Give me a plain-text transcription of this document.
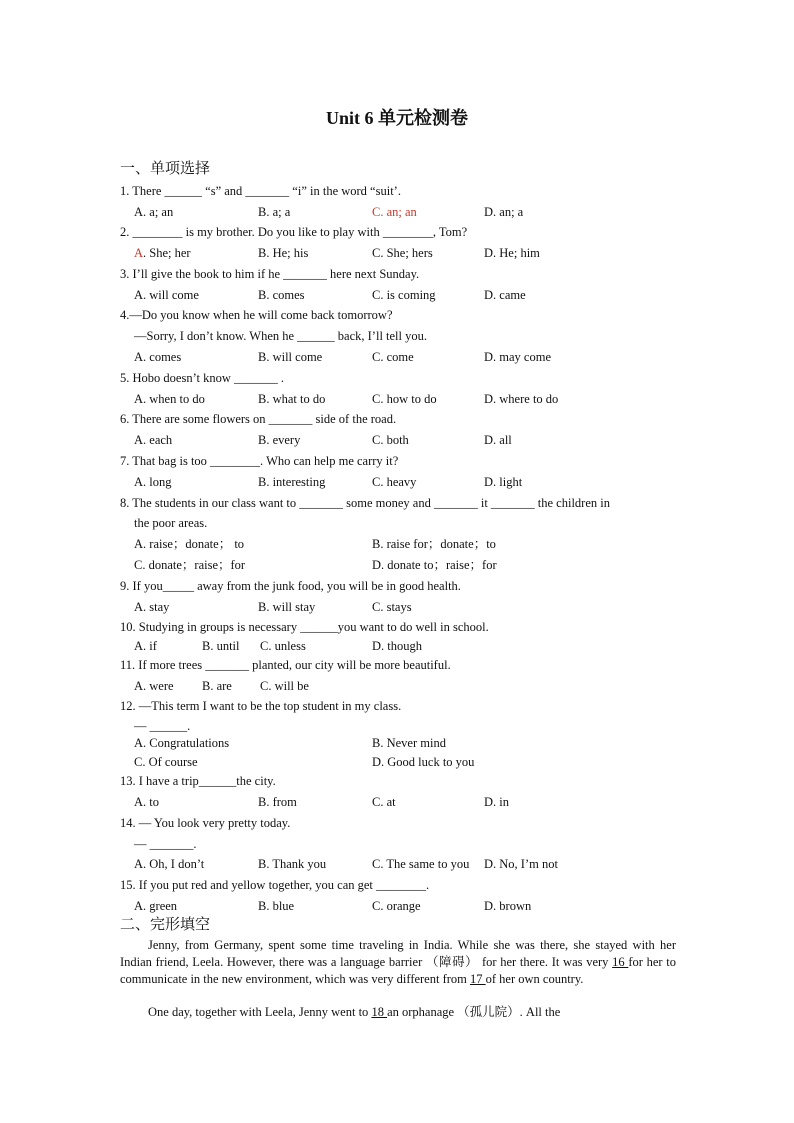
Unit 6 单元检测卷
一、单项选择
1. There ______ “s” and _______ “i” in the word “suit’.
A. a; an	B. a; a	C. an; an	D. an; a
2. ________ is my brother. Do you like to play with ________, Tom?
A. She; her	B. He; his	C. She; hers	D. He; him
3. I’ll give the book to him if he _______ here next Sunday.
A. will come	B. comes	C. is coming	D. came
4.—Do you know when he will come back tomorrow?
—Sorry, I don’t know. When he ______ back, I’ll tell you.
A. comes	B. will come	C. come	D. may come
5. Hobo doesn’t know _______ .
A. when to do	B. what to do	C. how to do	D. where to do
6. There are some flowers on _______ side of the road.
A. each	B. every	C. both	D. all
7. That bag is too ________. Who can help me carry it?
A. long	B. interesting	C. heavy	D. light
8. The students in our class want to _______ some money and _______ it _______ the children in
the poor areas.
A. raise；donate； to	B. raise for；donate；to
C. donate；raise；for	D. donate to；raise；for
9. If you_____ away from the junk food, you will be in good health.
A. stay	B. will stay	C. stays
10. Studying in groups is necessary ______you want to do well in school.
A. if	B. until C. unless	D. though
11. If more trees _______ planted, our city will be more beautiful.
A. were B. are C. will be
12. —This term I want to be the top student in my class.
— ______.
A. Congratulations	B. Never mind
C. Of course	D. Good luck to you
13. I have a trip______the city.
A. to	B. from	C. at	D. in
14. — You look very pretty today.
— _______.
A. Oh, I don’t	B. Thank you	C. The same to you D. No, I’m not
15. If you put red and yellow together, you can get ________.
A. green	B. blue	C. orange	D. brown
二、完形填空
Jenny, from Germany, spent some time traveling in India. While she was there, she stayed with her Indian friend, Leela. However, there was a language barrier （障碍） for her there. It was very 16 for her to communicate in the new environment, which was very different from 17 of her own country.
One day, together with Leela, Jenny went to 18 an orphanage （孤儿院）. All the
